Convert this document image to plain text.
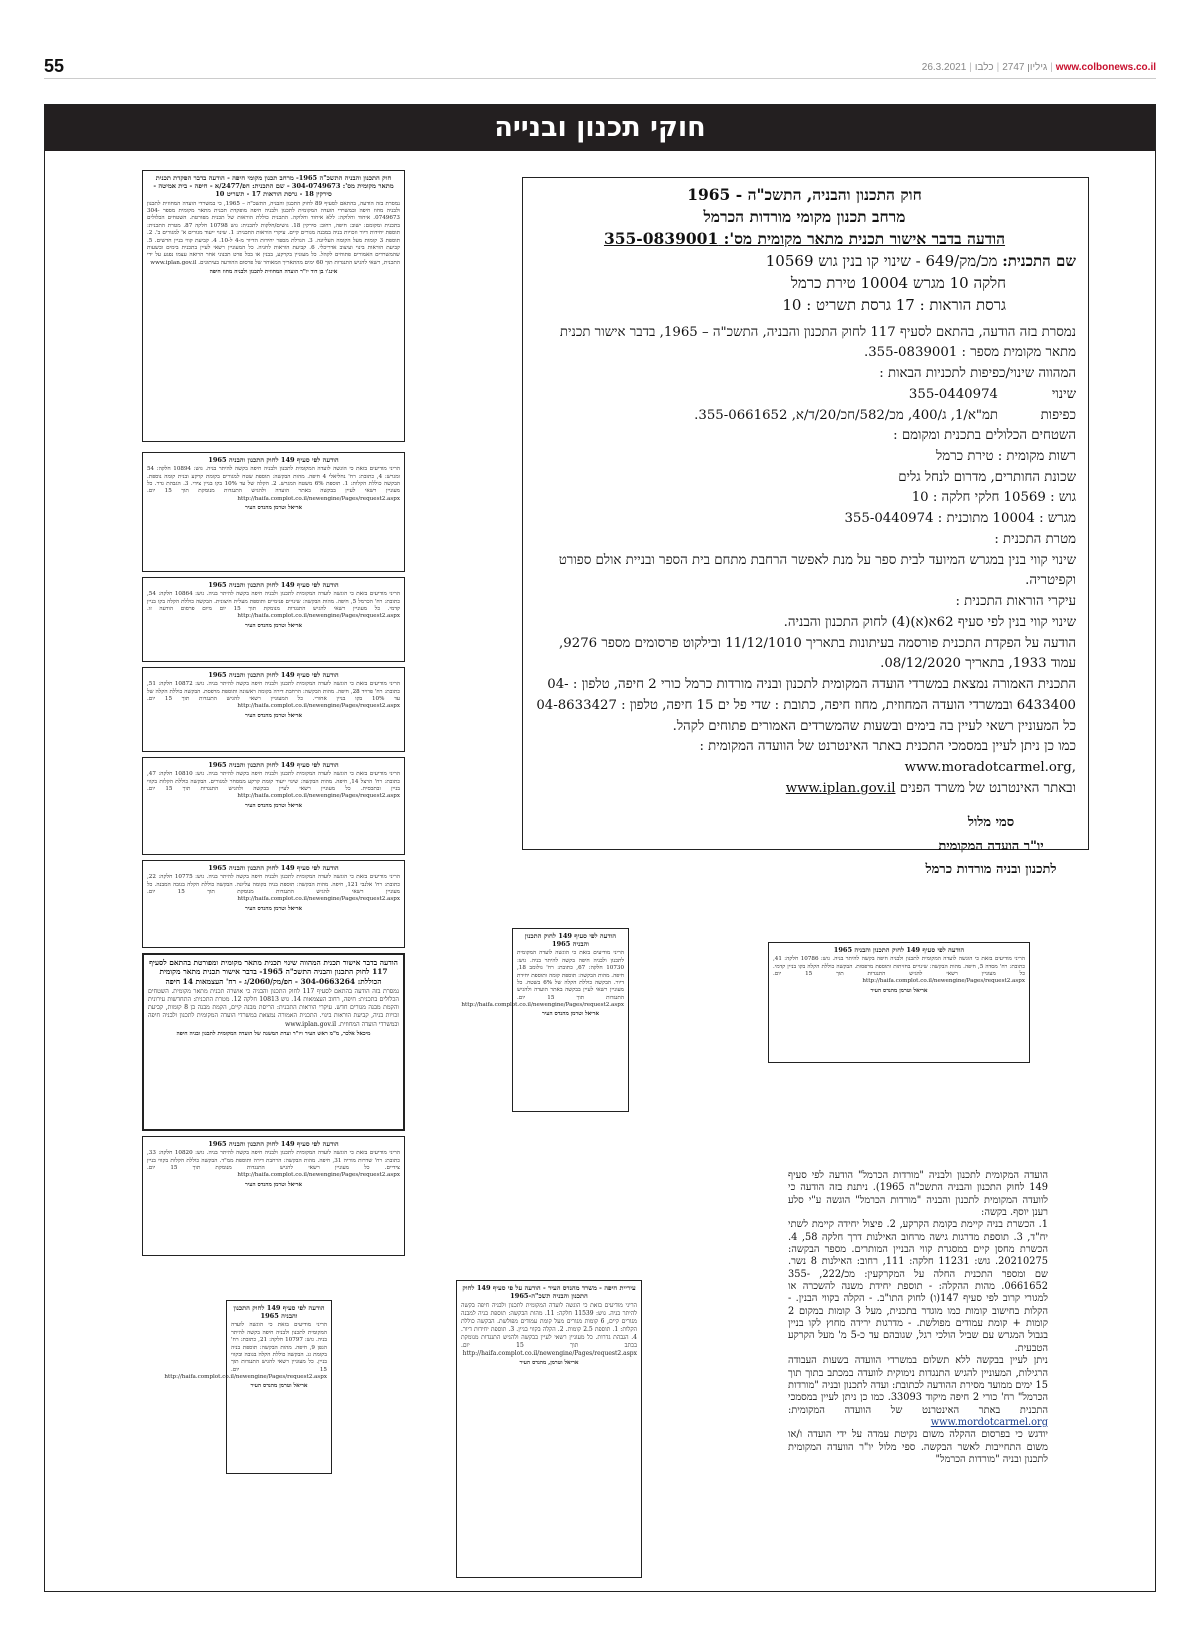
55	26.3.2021 |	גיליון 2747|כלבו	| www.colbonews.co.il
חוקי תכנון ובנייה
חוק התכנון והבניה, התשכ"ה - 1965
מרחב תכנון מקומי מורדות הכרמל
הודעה בדבר אישור תכנית מתאר מקומית מס': 355-0839001
שם התכנית: מכ/מק/649 - שינוי קו בנין גוש 10569
חלקה 10 מגרש 10004 טירת כרמל
גרסת הוראות : 17 גרסת תשריט : 10

נמסרת בזה הודעה, בהתאם לסעיף 117 לחוק התכנון והבניה, התשכ"ה – 1965, בדבר אישור תכנית מתאר מקומית מספר : 355-0839001.

המהווה שינוי/כפיפות לתכניות הבאות :

שינוי
355-0440974
כפיפות
תמ"א/1, ג/400, מכ/582/חכ/20/ד/א, 355-0661652.

השטחים הכלולים בתכנית ומקומם :

רשות מקומית : טירת כרמל

שכונת החותרים, מדרום לנחל גלים

גוש : 10569 חלקי חלקה : 10

מגרש : 10004 מתוכנית : 355-0440974

מטרת התכנית :

שינוי קווי בנין במגרש המיועד לבית ספר על מנת לאפשר הרחבת מתחם בית הספר ובניית אולם ספורט וקפיטריה.

עיקרי הוראות התכנית :

שינוי קווי בנין לפי סעיף 62א(א)(4) לחוק התכנון והבניה.

הודעה על הפקדת התכנית פורסמה בעיתונות בתאריך 11/12/1010 ובילקוט פרסומים מספר 9276, עמוד 1933, בתאריך 08/12/2020.

התכנית האמורה נמצאת במשרדי הועדה המקומית לתכנון ובניה מורדות כרמל כורי 2 חיפה, טלפון : 04-6433400 ובמשרדי הועדה המחוזית, מחוז חיפה, כתובת : שדי פל ים 15 חיפה, טלפון : 04-8633427

כל המעוניין רשאי לעיין בה בימים ובשעות שהמשרדים האמורים פתוחים לקהל.

כמו כן ניתן לעיין במסמכי התכנית באתר האינטרנט של הוועדה המקומית :

www.moradotcarmel.org,

ובאתר האינטרנט של משרד הפנים www.iplan.gov.il

סמי מלול
יו"ר הועדה המקומית
לתכנון ובניה מורדות כרמל
חוק התכנון והבניה התשכ"ה 1965- מרחב תכנון מקומי חיפה - הודעה בדבר הפקדת תכנית מתאר מקומית מס': 304-0749673 - שם התכנית: חפ/2477/א - חיפה - בית אמיטה - סירקין 18 - גרסת הוראות 17 - תשריט 10
נמסרת בזה הודעה, בהתאם לסעיף 89 לחוק התכנון והבניה, התשכ"ה – 1965, כי במשרדי הועדה המחוזית לתכנון ולבניה מחוז חיפה ובמשרדי הועדה המקומית לתכנון ולבניה חיפה מופקדת תכנית מתאר מקומית מספר 304-0749673. איחוד וחלוקה: ללא איחוד וחלוקה. התכנית כוללת הוראות של תכנית מפורטת. השטחים הכלולים בתכנית ומקומם: ישוב: חיפה, רחוב: סירקין 18. גושים/חלקות לתכנית: גוש 10798 חלקה 87. מטרת התכנית: תוספת יחידות דיור וזכויות בניה במבנה מגורים קיים. עיקרי הוראות התכנית: 1. שינוי ייעוד מגורים א' למגורים ב'. 2. תוספת 3 קומות מעל הקומה העליונה. 3. הגדלת מספר יחידות הדיור מ-4 ל-10. 4. קביעת קווי בניין חדשים. 5. קביעת הוראות בינוי ועיצוב אדריכלי. 6. קביעת הוראות לחניה. כל המעוניין רשאי לעיין בתכנית בימים ובשעות שהמשרדים האמורים פתוחים לקהל. כל מעוניין בקרקע, בבנין או בכל פרט תכנוני אחר הרואה עצמו נפגע על ידי התכנית, רשאי להגיש התנגדות תוך 60 ימים מהתאריך המאוחר של פרסום ההודעה בעיתונים. www.iplan.gov.il
אינג'ו בן דוד יו"ר הועדה המחוזית לתכנון ולבניה מחוז חיפה
הודעה לפי סעיף 149 לחוק התכנון והבניה 1965
הריני מודיעים בזאת כי הוגשה לועדה המקומית לתכנון ולבניה חיפה בקשה להיתר בניה. גוש: 10894 חלקה: 54 ומגרש: 4, כתובת: רח' נחליאלי 4 חיפה. מהות הבקשה: תוספת שטח למגורים בקומת קרקע ובנית קומה נוספת. הבקשה כוללת הקלות: 1. תוספת 6% משטח המגרש. 2. הקלה של עד 10% בקו בניין צידי. 3. הגבהת גדר. כל מעוניין רשאי לעיין בבקשה באתר הועדה ולהגיש התנגדות מנומקת תוך 15 יום. http://haifa.complot.co.il/newengine/Pages/request2.aspx
אריאל וטרמן מהנדס העיר
הודעה לפי סעיף 149 לחוק התכנון והבניה 1965
הריני מודיעים בזאת כי הוגשה לועדה המקומית לתכנון ולבניה חיפה בקשה להיתר בניה. גוש: 10864 חלקה: 54, כתובת: רח' הכרמל 5, חיפה. מהות הבקשה: שינויים פנימיים ותוספת מעלית חיצונית. הבקשה כוללת הקלה בקו בניין קדמי. כל מעוניין רשאי להגיש התנגדות מנומקת תוך 15 יום מיום פרסום הודעה זו. http://haifa.complot.co.il/newengine/Pages/request2.aspx
אריאל וטרמן מהנדס העיר
הודעה לפי סעיף 149 לחוק התכנון והבניה 1965
הריני מודיעים בזאת כי הוגשה לועדה המקומית לתכנון ולבניה חיפה בקשה להיתר בניה. גוש: 10872 חלקה: 51, כתובת: רח' פרויד 28, חיפה. מהות הבקשה: הרחבת דירה בקומה ראשונה ותוספת מרפסת. הבקשה כוללת הקלה של עד 10% בקו בניין אחורי. כל המעוניין רשאי להגיש התנגדות תוך 15 יום. http://haifa.complot.co.il/newengine/Pages/request2.aspx
אריאל וטרמן מהנדס העיר
הודעה לפי סעיף 149 לחוק התכנון והבניה 1965
הריני מודיעים בזאת כי הוגשה לועדה המקומית לתכנון ולבניה חיפה בקשה להיתר בניה. גוש: 10810 חלקה: 47, כתובת: רח' הרצל 14, חיפה. מהות הבקשה: שינוי ייעוד קומת קרקע ממסחר למגורים. הבקשה כוללת הקלות בקווי בניין ובתכסית. כל מעוניין רשאי לעיין בבקשה ולהגיש התנגדות תוך 15 יום. http://haifa.complot.co.il/newengine/Pages/request2.aspx
אריאל וטרמן מהנדס העיר
הודעה לפי סעיף 149 לחוק התכנון והבניה 1965
הריני מודיעים בזאת כי הוגשה לועדה המקומית לתכנון ולבניה חיפה בקשה להיתר בניה. גוש: 10775 חלקה: 22, כתובת: רח' אלנבי 121, חיפה. מהות הבקשה: תוספת בניה בקומה עליונה. הבקשה כוללת הקלה בגובה המבנה. כל מעוניין רשאי להגיש התנגדות מנומקת תוך 15 יום. http://haifa.complot.co.il/newengine/Pages/request2.aspx
אריאל וטרמן מהנדס העיר
הודעה בדבר אישור תכנית המהווה שינוי תכנית מתאר מקומית ומפורטת בהתאם לסעיף 117 לחוק התכנון והבניה התשכ"ה 1965- בדבר אישור תכנית מתאר מקומית הכוללת: 304-0663264 - חפ/מק/2060/ג - רח' העצמאות 14 חיפה
נמסרת בזה הודעה בהתאם לסעיף 117 לחוק התכנון והבניה כי אושרה תכנית מתאר מקומית. השטחים הכלולים בתכנית: חיפה, רחוב העצמאות 14. גוש 10813 חלקה 12. מטרת התכנית: התחדשות עירונית והקמת מבנה מגורים חדש. עיקרי הוראות התכנית: הריסת מבנה קיים, הקמת מבנה בן 8 קומות, קביעת זכויות בניה, קביעת הוראות בינוי. התכנית האמורה נמצאת במשרדי הועדה המקומית לתכנון ולבניה חיפה ובמשרדי הועדה המחוזית. www.iplan.gov.il
מיכאל אלכר, מ"מ ראש העיר ויו"ר ועדת המשנה של הועדה המקומית לתכנון ובניה חיפה
הודעה לפי סעיף 149 לחוק התכנון והבניה 1965
הריני מודיעים בזאת כי הוגשה לועדה המקומית לתכנון ולבניה חיפה בקשה להיתר בניה. גוש: 10820 חלקה: 33, כתובת: רח' שדרות מוריה 31, חיפה. מהות הבקשה: הרחבת דירה ותוספת ממ"ד. הבקשה כוללת הקלות בקווי בניין צידיים. כל מעוניין רשאי להגיש התנגדות מנומקת תוך 15 יום. http://haifa.complot.co.il/newengine/Pages/request2.aspx
אריאל וטרמן מהנדס העיר
הודעה לפי סעיף 149 לחוק התכנון והבניה 1965
הריני מודיעים בזאת כי הוגשה לועדה המקומית לתכנון ולבניה חיפה בקשה להיתר בניה. גוש: 10730 חלקה: 67, כתובת: רח' גולומב 18, חיפה. מהות הבקשה: תוספת קומה ותוספת יחידת דיור. הבקשה כוללת הקלה של 6% בשטח. כל מעוניין רשאי לעיין בבקשה באתר הועדה ולהגיש התנגדות תוך 15 יום. http://haifa.complot.co.il/newengine/Pages/request2.aspx
אריאל וטרמן מהנדס העיר
הודעה לפי סעיף 149 לחוק התכנון והבניה 1965
הריני מודיעים בזאת כי הוגשה לועדה המקומית לתכנון ולבניה חיפה בקשה להיתר בניה. גוש: 10786 חלקה: 41, כתובת: רח' מסדה 5, חיפה. מהות הבקשה: שינויים בחזיתות ותוספת מרפסות. הבקשה כוללת הקלה בקו בניין קדמי. כל מעוניין רשאי להגיש התנגדות תוך 15 יום. http://haifa.complot.co.il/newengine/Pages/request2.aspx
אריאל וטרמן מהנדס העיר
עיריית חיפה - משרד מהנדס העיר - הודעה על פי סעיף 149 לחוק התכנון והבניה תשכ"ה-1965
הריני מודיעים בזאת כי הוגשה לועדה המקומית לתכנון ולבניה חיפה בקשה להיתר בניה. גוש: 11539 חלקה: 11. מהות הבקשה: תוספת בניה למבנה מגורים קיים, 6 קומות מגורים מעל קומת עמודים מפולשת. הבקשה כוללת הקלות: 1. תוספת 2.5 קומות. 2. הקלה בקווי בניין. 3. תוספת יחידות דיור. 4. הגבהת גדרות. כל מעוניין רשאי לעיין בבקשה ולהגיש התנגדות מנומקת בכתב תוך 15 יום. http://haifa.complot.co.il/newengine/Pages/request2.aspx
אריאל וטרמן, מהנדס העיר
הודעה לפי סעיף 149 לחוק התכנון והבניה 1965
הריני מודיעים בזאת כי הוגשה לועדה המקומית לתכנון ולבניה חיפה בקשה להיתר בניה. גוש: 10797 חלקה: 21, כתובת: רח' הגפן 9, חיפה. מהות הבקשה: תוספת בניה בקומת גג. הבקשה כוללת הקלה בגובה ובקווי בניין. כל מעוניין רשאי להגיש התנגדות תוך 15 יום. http://haifa.complot.co.il/newengine/Pages/request2.aspx
אריאל וטרמן מהנדס העיר
הועדה המקומית לתכנון ולבניה "מורדות הכרמל" הודעה לפי סעיף 149 לחוק התכנון והבניה התשכ"ה 1965). ניתנת בזה הודעה כי לוועדה המקומית לתכנון והבניה "מורדות הכרמל" הוגשה ע"י סלע רענן יוסף. בקשה:
1. הכשרת בניה קיימת בקומת הקרקע, 2. פיצול יחידה קיימת לשתי יח"ד, 3. תוספת מדרגות גישה מרחוב האילנות דרך חלקה 58, 4. הכשרת מחסן קיים במסגרת קווי הבניין המותרים. מספר הבקשה: 20210275. גוש: 11231 חלקה: 111, רחוב: האילנות 8 נשר. שם ומספר התכנית החלה על המקרקעין: מכ/222, 355-0661652. מהות ההקלה: - תוספת יחידת משנה להשכרה או למגורי קרוב לפי סעיף 147(ו) לחוק התו"ב. - הקלה בקווי הבנין. - הקלות בחישוב קומות כמו מוגדר בתכנית, מעל 3 קומות במקום 2 קומות + קומת עמודים מפולשת. - מדרגות ירידה מחוץ לקו בניין בגבול המגרש עם שביל הולכי רגל, שגובהם עד כ-5 מ' מעל הקרקע הטבעית.
ניתן לעיין בבקשה ללא תשלום במשרדי הוועדה בשעות העבודה הרגילות, המעוניין להגיש התנגדות נימוקית לוועדה במכתב בתוך תוך 15 ימים ממועד מסירת ההודעה לכתובת: ועדה לתכנון ובניה "מורדות הכרמל" רח' כורי 2 חיפה מיקוד 33093. כמו כן ניתן לעיין במסמכי התכנית באתר האינטרנט של הוועדה המקומית: www.mordotcarmel.org
יודגש כי בפרסום ההקלה משום נקיטת עמדה על ידי הועדה ו/או משום התחייבות לאשר הבקשה. ספי מלול יו"ר הוועדה המקומית לתכנון ובניה "מורדות הכרמל"
